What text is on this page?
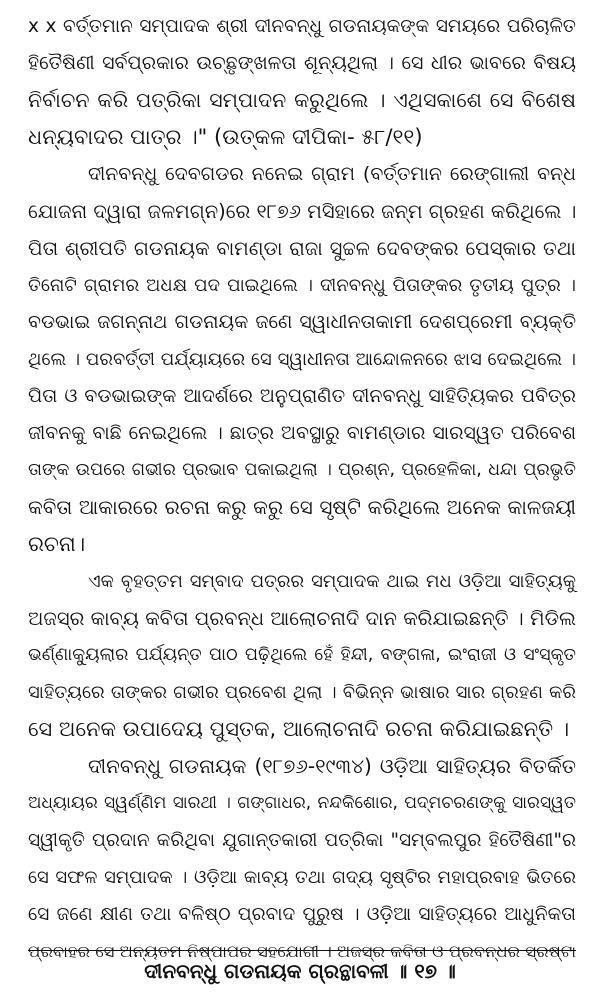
x x ବର୍ତ୍ତମାନ ସମ୍ପାଦକ ଶ୍ରୀ ଦୀନବନ୍ଧୁ ଗଡନାୟକଙ୍କ ସମୟରେ ପରିଚାଳିତ
ହିତୈଷିଣୀ ସର୍ବପ୍ରକାର ଉଚ୍ଛୃଙ୍ଖଳତା ଶୂନ୍ୟଥିଲା । ସେ ଧୀର ଭାବରେ ବିଷୟ
ନିର୍ବାଚନ କରି ପତ୍ରିକା ସମ୍ପାଦନ କରୁଥିଲେ । ଏଥିସକାଶେ ସେ ବିଶେଷ
ଧନ୍ୟବାଦର ପାତ୍ର ।" (ଉତ୍କଳ ଦୀପିକା- ୫୮/୧୧)
ଦୀନବନ୍ଧୁ ଦେବଗଡର ନନେଇ ଗ୍ରାମ (ବର୍ତ୍ତମାନ ରେଙ୍ଗାଲୀ ବନ୍ଧ
ଯୋଜନା ଦ୍ୱାରା ଜଳମଗ୍ନ)ରେ ୧୮୭୬ ମସିହାରେ ଜନ୍ମ ଗ୍ରହଣ କରିଥିଲେ ।
ପିତା ଶ୍ରୀପତି ଗଡନାୟକ ବାମଣ୍ଡା ରାଜା ସୁଚ୍ଚଳ ଦେବଙ୍କର ପେସ୍କାର ତଥା
ତିନୋଟି ଗ୍ରାମର ଅଧକ୍ଷ ପଦ ପାଇଥିଲେ । ଦୀନବନ୍ଧୁ ପିତାଙ୍କର ତୃତୀୟ ପୁତ୍ର ।
ବଡଭାଇ ଜଗନ୍ନାଥ ଗଡନାୟକ ଜଣେ ସ୍ୱାଧୀନତାକାମୀ ଦେଶପ୍ରେମୀ ବ୍ୟକ୍ତି
ଥିଲେ । ପରବର୍ତ୍ତୀ ପର୍ଯ୍ୟାୟରେ ସେ ସ୍ୱାଧୀନତା ଆନ୍ଦୋଳନରେ ଝାସ ଦେଇଥିଲେ ।
ପିତା ଓ ବଡଭାଇଙ୍କ ଆଦର୍ଶରେ ଅନୁପ୍ରାଣିତ ଦୀନବନ୍ଧୁ ସାହିତ୍ୟିକର ପବିତ୍ର
ଜୀବନକୁ ବାଛି ନେଇଥିଲେ । ଛାତ୍ର ଅବସ୍ଥାରୁ ବାମଣ୍ଡାର ସାରସ୍ୱତ ପରିବେଶ
ତାଙ୍କ ଉପରେ ଗଭୀର ପ୍ରଭାବ ପକାଇଥିଲା । ପ୍ରଶ୍ନ, ପ୍ରହେଳିକା, ଧନ୍ଦା ପ୍ରଭୃତି
କବିତା ଆକାରରେ ରଚନା କରୁ କରୁ ସେ ସୃଷ୍ଟି କରିଥିଲେ ଅନେକ କାଳଜୟୀ
ରଚନା।
ଏକ ବୃହତ୍ତମ ସମ୍ବାଦ ପତ୍ରର ସମ୍ପାଦକ ଥାଇ ମଧ ଓଡ଼ିଆ ସାହିତ୍ୟକୁ
ଅଜସ୍ର କାବ୍ୟ କବିତା ପ୍ରବନ୍ଧ ଆଲୋଚନାଦି ଦାନ କରିଯାଇଛନ୍ତି । ମିଡିଲ
ଭର୍ଣ୍ଣାକ୍ୟୁଲାର ପର୍ଯ୍ୟନ୍ତ ପାଠ ପଢ଼ିଥିଲେ ହେଁ ହିନ୍ଦୀ, ବଙ୍ଗଳା, ଇଂରାଜୀ ଓ ସଂସ୍କୃତ
ସାହିତ୍ୟରେ ତାଙ୍କର ଗଭୀର ପ୍ରବେଶ ଥିଲା । ବିଭିନ୍ନ ଭାଷାର ସାର ଗ୍ରହଣ କରି
ସେ ଅନେକ ଉପାଦେୟ ପୁସ୍ତକ, ଆଲୋଚନାଦି ରଚନା କରିଯାଇଛନ୍ତି ।
ଦୀନବନ୍ଧୁ ଗଡନାୟକ (୧୮୭୬-୧୯୩୪) ଓଡ଼ିଆ ସାହିତ୍ୟର ବିତର୍କିତ
ଅଧ୍ୟାୟର ସ୍ୱର୍ଣ୍ଣିମ ସାରଥୀ । ଗଙ୍ଗାଧର, ନନ୍ଦକିଶୋର, ପଦ୍ମଚରଣଙ୍କୁ ସାରସ୍ୱତ
ସ୍ୱୀକୃତି ପ୍ରଦାନ କରିଥିବା ଯୁଗାନ୍ତକାରୀ ପତ୍ରିକା "ସମ୍ବଲପୁର ହିତୈଷିଣୀ"ର
ସେ ସଫଳ ସମ୍ପାଦକ । ଓଡ଼ିଆ କାବ୍ୟ ତଥା ଗଦ୍ୟ ସୃଷ୍ଟିର ମହାପ୍ରବାହ ଭିତରେ
ସେ ଜଣେ କ୍ଷୀଣ ତଥା ବଳିଷ୍ଠ ପ୍ରବାଦ ପୁରୁଷ । ଓଡ଼ିଆ ସାହିତ୍ୟରେ ଆଧୁନିକତା
ପ୍ରବାହର ସେ ଅନ୍ୟତମ ନିଷ୍ପାପର ସହଯୋଗୀ । ଅଜସ୍ର କବିତା ଓ ପ୍ରବନ୍ଧର ସ୍ରଷ୍ଟା
ଦୀନବନ୍ଧୁ ଗଡନାୟକ ଗ୍ରନ୍ଥାବଳୀ ॥ ୧୭ ॥
